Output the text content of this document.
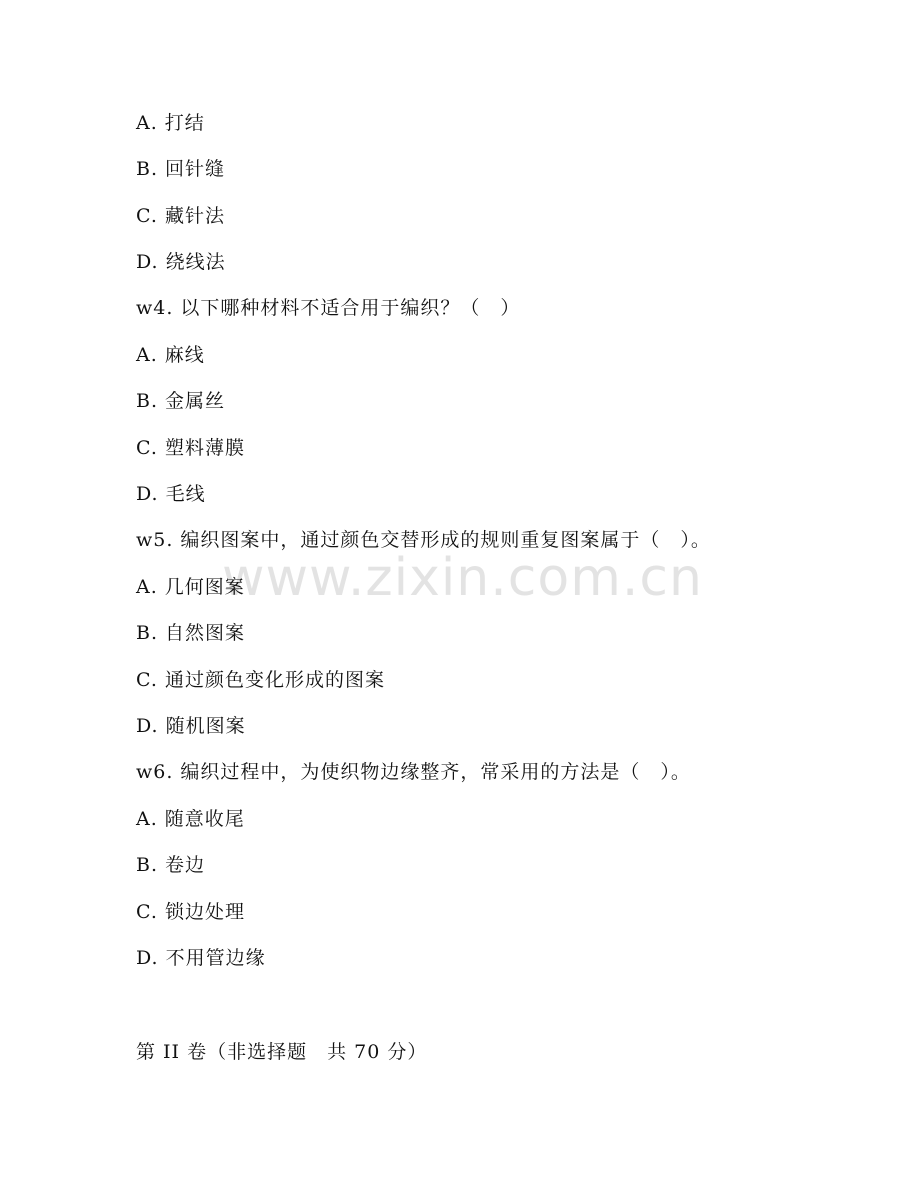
www.zixin.com.cn
A. 打结
B. 回针缝
C. 藏针法
D. 绕线法
w4. 以下哪种材料不适合用于编织？（　）
A. 麻线
B. 金属丝
C. 塑料薄膜
D. 毛线
w5. 编织图案中，通过颜色交替形成的规则重复图案属于（　）。
A. 几何图案
B. 自然图案
C. 通过颜色变化形成的图案
D. 随机图案
w6. 编织过程中，为使织物边缘整齐，常采用的方法是（　）。
A. 随意收尾
B. 卷边
C. 锁边处理
D. 不用管边缘
第 II 卷（非选择题　共 70 分）
